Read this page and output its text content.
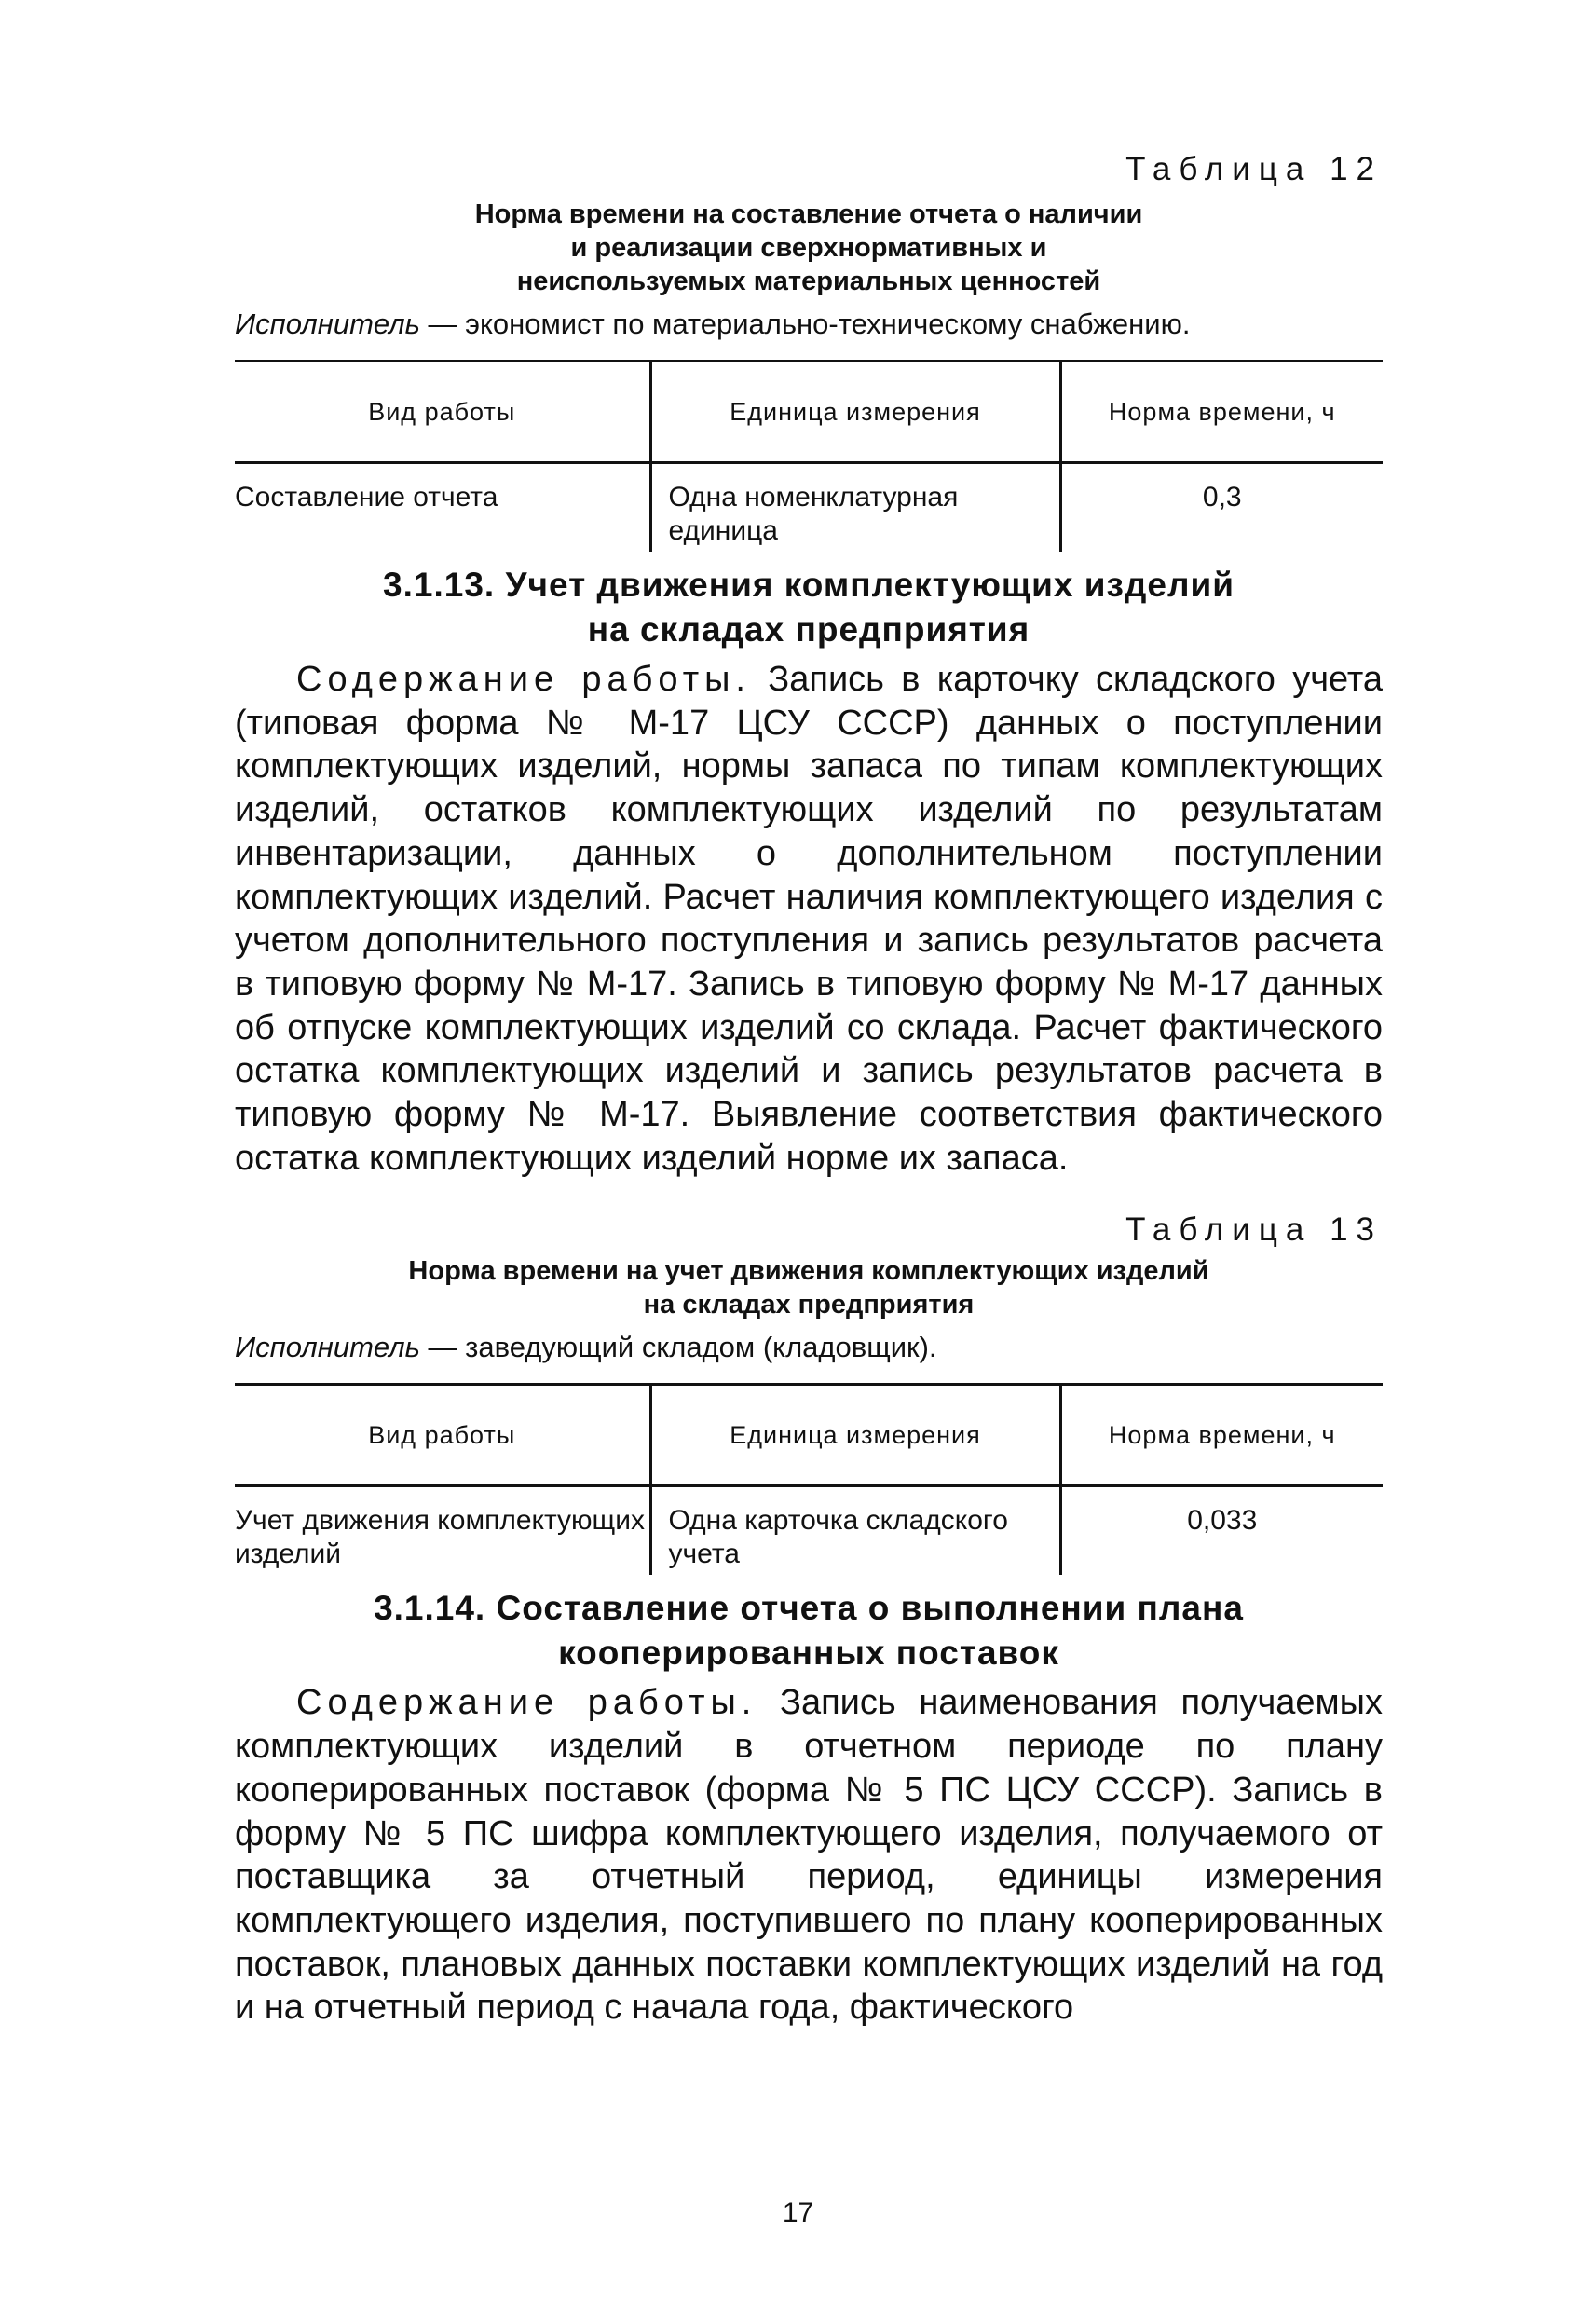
Таблица 12
Норма времени на составление отчета о наличии
и реализации сверхнормативных и
неиспользуемых материальных ценностей
Исполнитель — экономист по материально-техническому снабжению.
Вид работы	Единица измерения	Норма времени, ч
Составление отчета	Одна номенклатурная единица	0,3
3.1.13. Учет движения комплектующих изделий
на складах предприятия

Содержание работы. Запись в карточку складского учета (типовая форма № М-17 ЦСУ СССР) данных о поступлении комплектующих изделий, нормы запаса по типам комплектующих изделий, остатков комплектующих изделий по результатам инвентаризации, данных о дополнительном поступлении комплектующих изделий. Расчет наличия комплектующего изделия с учетом дополнительного поступления и запись результатов расчета в типовую форму № М-17. Запись в типовую форму № М-17 данных об отпуске комплектующих изделий со склада. Расчет фактического остатка комплектующих изделий и запись результатов расчета в типовую форму № М-17. Выявление соответствия фактического остатка комплектующих изделий норме их запаса.

Таблица 13
Норма времени на учет движения комплектующих изделий
на складах предприятия
Исполнитель — заведующий складом (кладовщик).
Вид работы	Единица измерения	Норма времени, ч
Учет движения комплектующих изделий	Одна карточка складского учета	0,033
3.1.14. Составление отчета о выполнении плана
кооперированных поставок

Содержание работы. Запись наименования получаемых комплектующих изделий в отчетном периоде по плану кооперированных поставок (форма № 5 ПС ЦСУ СССР). Запись в форму № 5 ПС шифра комплектующего изделия, получаемого от поставщика за отчетный период, единицы измерения комплектующего изделия, поступившего по плану кооперированных поставок, плановых данных поставки комплектующих изделий на год и на отчетный период с начала года, фактического

17
